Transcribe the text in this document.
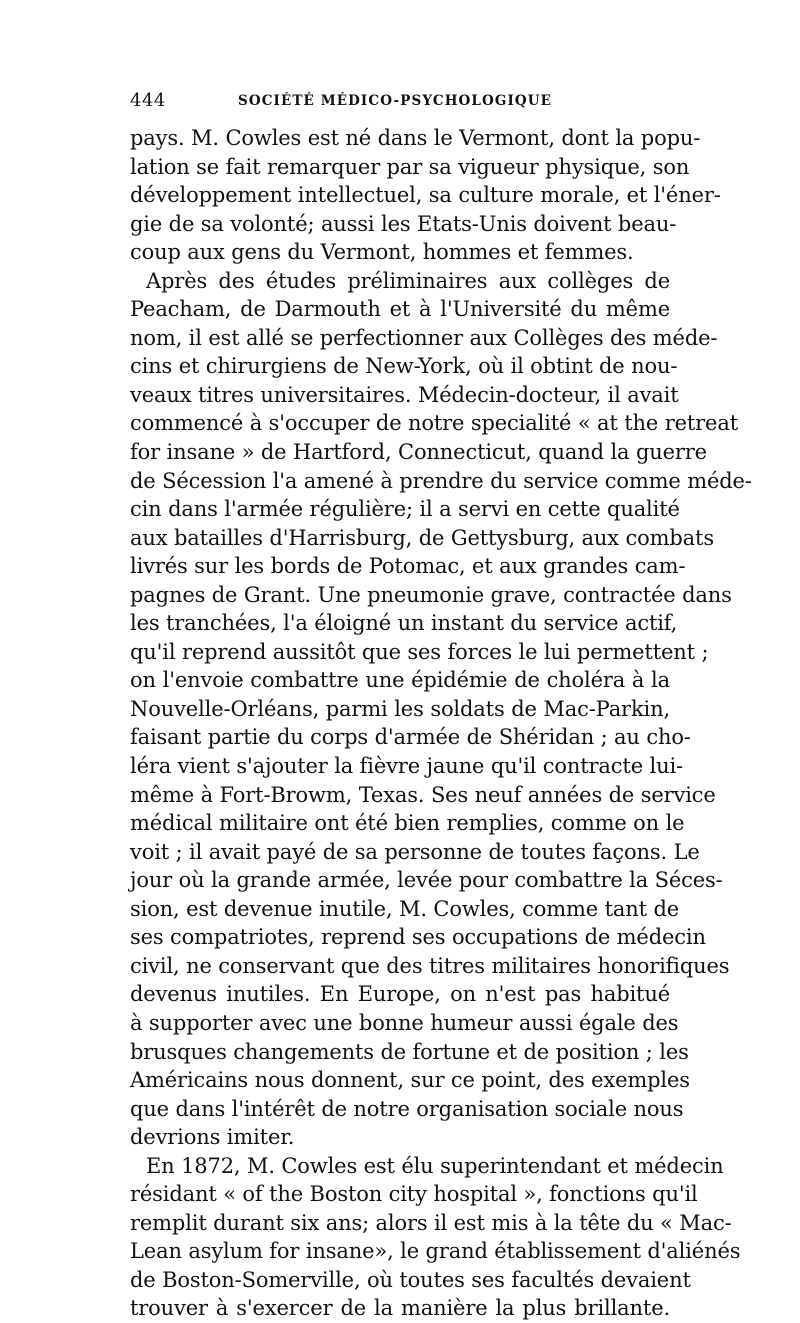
444	SOCIÉTÉ MÉDICO-PSYCHOLOGIQUE
pays. M. Cowles est né dans le Vermont, dont la popu-
lation se fait remarquer par sa vigueur physique, son
développement intellectuel, sa culture morale, et l'éner-
gie de sa volonté; aussi les Etats-Unis doivent beau-
coup aux gens du Vermont, hommes et femmes.
Après des études préliminaires aux collèges de
Peacham, de Darmouth et à l'Université du même
nom, il est allé se perfectionner aux Collèges des méde-
cins et chirurgiens de New-York, où il obtint de nou-
veaux titres universitaires. Médecin-docteur, il avait
commencé à s'occuper de notre specialité « at the retreat
for insane » de Hartford, Connecticut, quand la guerre
de Sécession l'a amené à prendre du service comme méde-
cin dans l'armée régulière; il a servi en cette qualité
aux batailles d'Harrisburg, de Gettysburg, aux combats
livrés sur les bords de Potomac, et aux grandes cam-
pagnes de Grant. Une pneumonie grave, contractée dans
les tranchées, l'a éloigné un instant du service actif,
qu'il reprend aussitôt que ses forces le lui permettent ;
on l'envoie combattre une épidémie de choléra à la
Nouvelle-Orléans, parmi les soldats de Mac-Parkin,
faisant partie du corps d'armée de Shéridan ; au cho-
léra vient s'ajouter la fièvre jaune qu'il contracte lui-
même à Fort-Browm, Texas. Ses neuf années de service
médical militaire ont été bien remplies, comme on le
voit ; il avait payé de sa personne de toutes façons. Le
jour où la grande armée, levée pour combattre la Séces-
sion, est devenue inutile, M. Cowles, comme tant de
ses compatriotes, reprend ses occupations de médecin
civil, ne conservant que des titres militaires honorifiques
devenus inutiles. En Europe, on n'est pas habitué
à supporter avec une bonne humeur aussi égale des
brusques changements de fortune et de position ; les
Américains nous donnent, sur ce point, des exemples
que dans l'intérêt de notre organisation sociale nous
devrions imiter.
En 1872, M. Cowles est élu superintendant et médecin
résidant « of the Boston city hospital », fonctions qu'il
remplit durant six ans; alors il est mis à la tête du « Mac-
Lean asylum for insane», le grand établissement d'aliénés
de Boston-Somerville, où toutes ses facultés devaient
trouver à s'exercer de la manière la plus brillante.
